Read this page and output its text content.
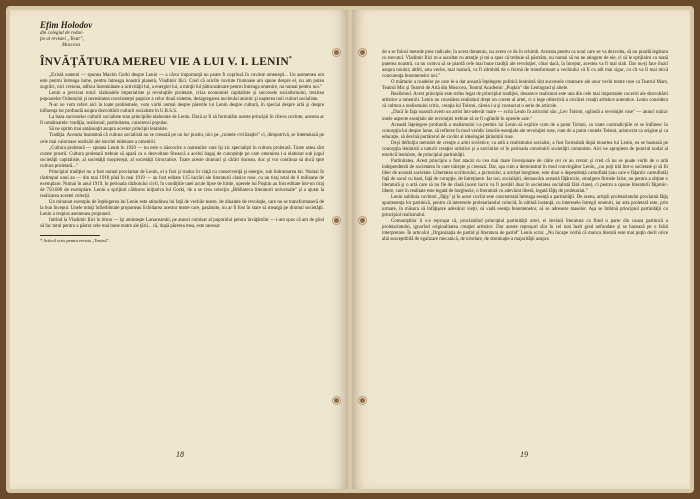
Efim Holodov
din colegiul de redac-
ţie al revistei „Teatr",
Moscova
ÎNVĂŢĂTURA MEREU VIE A LUI V. I. LENIN*

„Există oameni — spunea Maxim Gorki despre Lenin — a căror importanţă nu poate fi cuprinsă în cuvinte omeneşti... Un asemenea om este pentru întreaga lume, pentru întreaga noastră planetă, Vladimir Ilici. Cred că oricîte cuvinte frumoase am spune despre el, nu am putea zugrăvi, nici creiona, adînca însemnătate a activităţii lui, a energiei lui, a minţii lui pătrunzătoare pentru întreaga omenire, nu numai pentru noi."

Lenin a previzut totul: războaiele imperialiste şi revoluţiile proletare, criza economiei capitaliste şi succesele socialismului, trezirea popoarelor Orientului şi necesitatea coexistenţei paşnice a celor două sisteme, dezagregarea nucleului atomic şi naşterea noii culturi socialiste.

N-ar ne vom referi aici la toate problemele, vom vorbi numai despre părerile lui Lenin despre cultură, în special despre artă şi despre influenţa lor profundă asupra dezvoltării culturii socialiste în U.R.S.S.

La baza succeselor culturii socialiste stau principiile elaborate de Lenin. Dacă ar fi să formulăm aceste principii în cîteva cuvinte, acestea ar fi următoarele: tradiţia, realismul, partinitatea, caracterul popular.

Să ne oprim mai amănunţit asupra acestor principii leniniste.

Tradiţia. Aceasta înseamnă că cultura socialistă nu se creează pe un loc pustiu, nici pe „ruinele civilizaţiei" ci, dimpotrivă, se întemeiază pe cele mai valoroase realizări ale istoriei milenare a omenirii.

„Cultura proletară — spunea Lenin în 1920 — nu este o născocire a oamenilor care îşi zic specialişti în cultura proletară. Toate astea sînt curate prostii. Cultura proletară trebuie să apară ca o dezvoltare firească a acelui bagaj de cunoştinţe pe care omenirea l-a elaborat sub jugul societăţii capitaliste, al societăţii moşiereşti, al societăţii birocratice. Toate aceste drumuri şi cărări duceau, duc şi vor continua să ducă spre cultura proletară..."

Principiul tradiţiei nu a fost numai proclamat de Lenin, el a fost şi tradus în viaţă cu consecvenţă şi energie, sub îndrumarea lui. Numai în răstimpul unui an — din mai 1918 pînă în mai 1919 — au fost editate 115 lucrări ale literaturii clasice ruse, cu un tiraj total de 6 milioane de exemplare. Numai în anul 1919, în perioada războiului civil, în condiţiile unei acute lipse de hîrtie, operele lui Puşkin au fost editate într-un tiraj de 750.000 de exemplare. Lenin a sprijinit călduros iniţiativa lui Gorki, de a se crea colecţia „Biblioteca literaturii universale" şi a ajutat la realizarea acestei colecţii.

Un minunat exemplu de înţelegerea lui Lenin este atitudinea lui faţă de vechile teatre, de dinainte de revoluţie, care nu se transformaseră de la bun început. Unele minţi înfierbîntate propuneau lichidarea acestor teatre care, pasămite, nu ar fi fost în stare să meargă pe drumul societăţii. Lenin a respins asemenea propuneri.

Intrînd la Vladimir Ilici în birou — îşi aminteşte Lunacearski, pe atunci comisar al poporului pentru învăţămînt — i-am spus că am de gînd să fac totul pentru a păstra cele mai bune teatre ale ţării... că, după părerea mea, este necesar

* Articol scris pentru revista „Teatrul".
18

de a se folosi metode prea radicale; în acest domeniu, nu avem ce da în schimb. Aceasta pentru ca noul care se va dezvolta, să nu piardă legătura cu trecutul. Vladimir Ilici m-a ascultat cu atenţie şi mi-a spus că trebuie să păstrăm, nu numai să nu ne atingem de ele, ci să le sprijinim cu toată puterea noastră, ca nu cumva să se piardă cele mai bune tradiţii ale revoluţiei, chiar dacă, la început, acestea va fi mai slab. Dar nu-ţi face iluzii asupra noului; altfel, arta veche, mai matură, va fi zdrobită de o formă de transformare a vechiului vă fi cu atît mai sigur, cu cît va fi mai mică concurenţa fenomenelor noi."

O mărturie a roadelor pe care le-a dat această înţelegere politică leninistă sînt succesele creatoare ale unor vechi teatre ruse ca Teatrul Mare, Teatrul Mic şi Teatrul de Artă din Moscova, Teatrul Academic „Puşkin" din Leningrad şi altele.

Realismul. Acest principiu este strîns legat de principiul tradiţiei, deoarece realismul este una din cele mai importante cuceriri ale dezvoltării artistice a omenirii. Lenin nu considera realismul drept un curent al artei, ci o lege obiectivă a oricărei creaţii artistice autentice. Lenin considera că cultura a realismului critic, creaţia lui Tolstoi, căreia i-a şi consacrat o serie de articole.

„Dacă în faţa noastră avem un artist într-adevăr mare — scria Lenin în articolul său „Lev Tolstoi, oglindă a revoluţiei ruse" — atunci măcar unele aspecte esenţiale ale revoluţiei trebuie să se fi oglindit în operele sale."

Această înţelegere profundă a realismului i-a permis lui Lenin să explice cum de a putut Tolstoi, cu toate contradicţiile ce se întîlnesc în concepţia lui despre lume, să reflecte în mod veridic laturile esenţiale ale revoluţiei ruse, cum de a putut contele Tolstoi, aristocrat ca origine şi ca educaţie, să devină purtătorul de cuvînt al ideologiei ţărănimii ruse.

Deşi definiţia metodei de creaţie a artei sovietice, ca artă a realismului socialist, a fost formulată după moartea lui Lenin, ea se bazează pe concepţia leninistă a naturii creaţiei artistice şi a sarcinilor ei în perioada construirii societăţii comuniste. Aici ne apropiem de punctul nodal al esteticii leniniste, de principiul partinităţii.

Partinitatea. Acest principiu a fost atacat cu cea mai mare înverşunare de către cei ce au crezut şi cred că nu se poate vorbi de o artă independentă de societatea în care trăieşte şi creează. Dar, aşa cum a demonstrat în mod convingător Lenin, „nu poţi trăi într-o societate şi să fii liber de această societate. Libertatea scriitorului, a pictorului, a actriţei burgheze, este doar o dependenţă camuflată (sau care e făţarnic camuflată) faţă de sacul cu bani, faţă de corupţie, de întreţinere. Iar noi, socialiştii, demascăm această făţărnicie, smulgem firmele false, nu pentru a obţine o literatură şi o artă care să nu fie de clasă (acest lucru va fi posibil doar în societatea socialistă fără clase), ci pentru a opune literaturii făţarnic-libere, care în realitate este legată de burghezie, o literatură cu adevărat liberă, legată făţiş de proletariat."

Lenin sublinia cuvîntul „făţiş" şi în acest cuvînt este concentrată întreaga esenţă a partinităţii. De aceea, artiştii proletariatului proclamă făţiş apartenenţa lor partinică, pentru că interesele proletariatului coincid, în ultimă instanţă, cu interesele întregii omeniri, iar arta proletară este, prin urmare, în măsura să înfăţişeze adevărul vieţii, să vadă esenţa fenomenelor, să se adreseze maselor. Aşa se îmbină principiul partinităţii cu principiul realismului.

Comuniştilor li s-a reproşat că, proclamînd principiul partinităţii artei, ei declară literatura ca fiind o parte din cauza partinică a proletariatului, ignorînd originalitatea creaţiei artistice. Dar aceste reproşuri sînt în cel mai înalt grad nefondate şi se bazează pe o falsă interpretare. În articolul „Organizaţia de partid şi literatura de partid" Lenin scria: „Nu încape vorbă că munca literară este mai puţin decît orice altă susceptibilă de egalizare mecanică, de nivelare, de dominaţie a majorităţii asupra

19
